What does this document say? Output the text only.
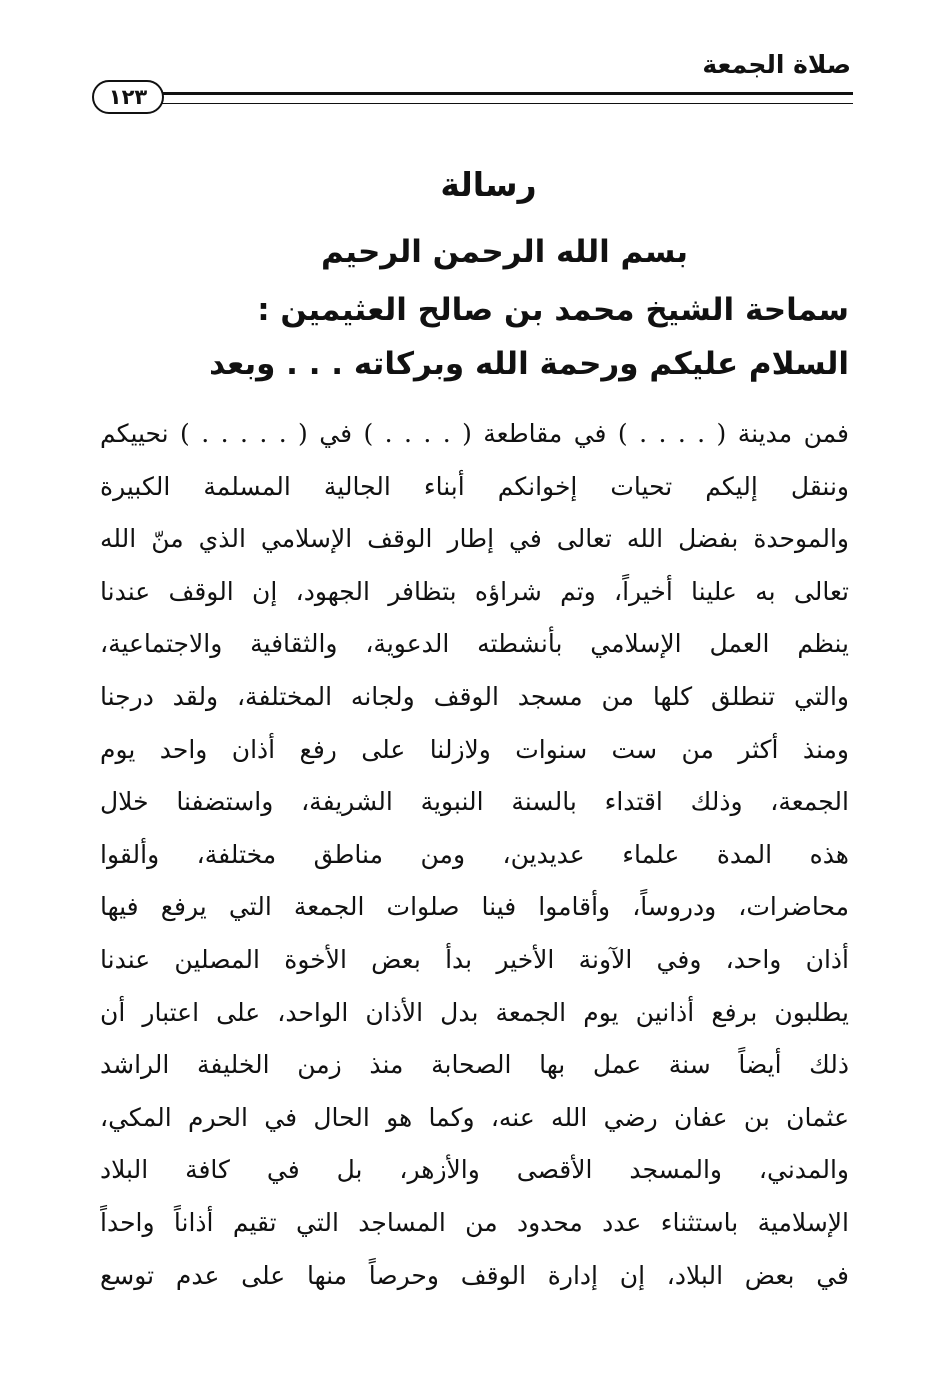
صلاة الجمعة
١٢٣
رسالة
بسم الله الرحمن الرحيم
سماحة الشيخ محمد بن صالح العثيمين :
السلام عليكم ورحمة الله وبركاته . . . وبعد
فمن مدينة ( . . . . ) في مقاطعة ( . . . . ) في ( . . . . . ) نحييكم
وننقل إليكم تحيات إخوانكم أبناء الجالية المسلمة الكبيرة
والموحدة بفضل الله تعالى في إطار الوقف الإسلامي الذي منّ الله
تعالى به علينا أخيراً، وتم شراؤه بتظافر الجهود، إن الوقف عندنا
ينظم العمل الإسلامي بأنشطته الدعوية، والثقافية والاجتماعية،
والتي تنطلق كلها من مسجد الوقف ولجانه المختلفة، ولقد درجنا
ومنذ أكثر من ست سنوات ولازلنا على رفع أذان واحد يوم
الجمعة، وذلك اقتداء بالسنة النبوية الشريفة، واستضفنا خلال
هذه المدة علماء عديدين، ومن مناطق مختلفة، وألقوا
محاضرات، ودروساً، وأقاموا فينا صلوات الجمعة التي يرفع فيها
أذان واحد، وفي الآونة الأخير بدأ بعض الأخوة المصلين عندنا
يطلبون برفع أذانين يوم الجمعة بدل الأذان الواحد، على اعتبار أن
ذلك أيضاً سنة عمل بها الصحابة منذ زمن الخليفة الراشد
عثمان بن عفان رضي الله عنه، وكما هو الحال في الحرم المكي،
والمدني، والمسجد الأقصى والأزهر، بل في كافة البلاد
الإسلامية باستثناء عدد محدود من المساجد التي تقيم أذاناً واحداً
في بعض البلاد، إن إدارة الوقف وحرصاً منها على عدم توسع
